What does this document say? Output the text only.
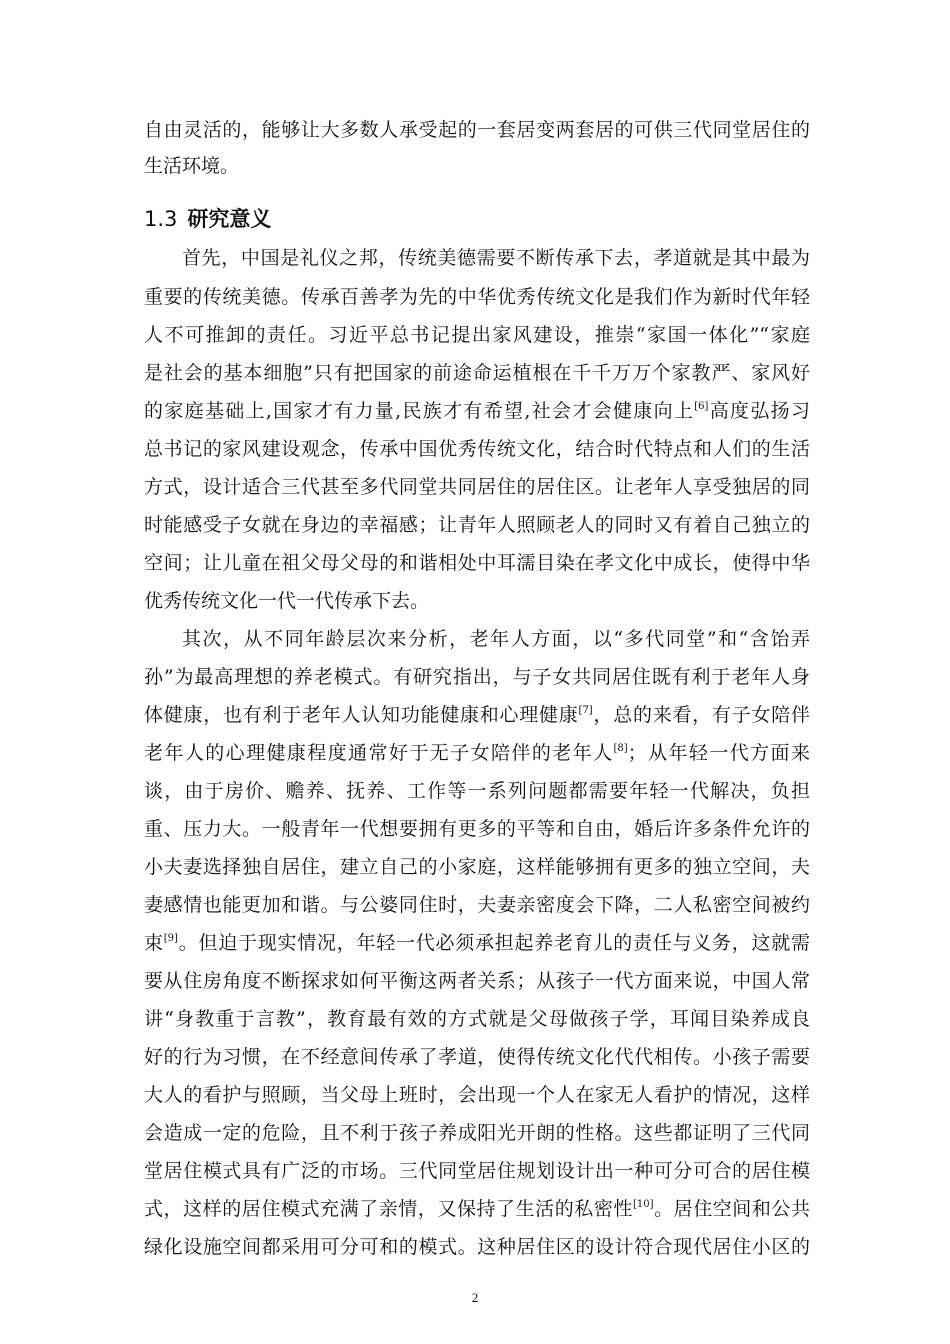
自由灵活的，能够让大多数人承受起的一套居变两套居的可供三代同堂居住的
生活环境。
1.3 研究意义
首先，中国是礼仪之邦，传统美德需要不断传承下去，孝道就是其中最为
重要的传统美德。传承百善孝为先的中华优秀传统文化是我们作为新时代年轻
人不可推卸的责任。习近平总书记提出家风建设，推崇“家国一体化”“家庭
是社会的基本细胞”只有把国家的前途命运植根在千千万万个家教严、家风好
的家庭基础上,国家才有力量,民族才有希望,社会才会健康向上[6]高度弘扬习
总书记的家风建设观念，传承中国优秀传统文化，结合时代特点和人们的生活
方式，设计适合三代甚至多代同堂共同居住的居住区。让老年人享受独居的同
时能感受子女就在身边的幸福感；让青年人照顾老人的同时又有着自己独立的
空间；让儿童在祖父母父母的和谐相处中耳濡目染在孝文化中成长，使得中华
优秀传统文化一代一代传承下去。
其次，从不同年龄层次来分析，老年人方面，以“多代同堂”和“含饴弄
孙”为最高理想的养老模式。有研究指出，与子女共同居住既有利于老年人身
体健康，也有利于老年人认知功能健康和心理健康[7]，总的来看，有子女陪伴
老年人的心理健康程度通常好于无子女陪伴的老年人[8]；从年轻一代方面来
谈，由于房价、赡养、抚养、工作等一系列问题都需要年轻一代解决，负担
重、压力大。一般青年一代想要拥有更多的平等和自由，婚后许多条件允许的
小夫妻选择独自居住，建立自己的小家庭，这样能够拥有更多的独立空间，夫
妻感情也能更加和谐。与公婆同住时，夫妻亲密度会下降，二人私密空间被约
束[9]。但迫于现实情况，年轻一代必须承担起养老育儿的责任与义务，这就需
要从住房角度不断探求如何平衡这两者关系；从孩子一代方面来说，中国人常
讲“身教重于言教”，教育最有效的方式就是父母做孩子学，耳闻目染养成良
好的行为习惯，在不经意间传承了孝道，使得传统文化代代相传。小孩子需要
大人的看护与照顾，当父母上班时，会出现一个人在家无人看护的情况，这样
会造成一定的危险，且不利于孩子养成阳光开朗的性格。这些都证明了三代同
堂居住模式具有广泛的市场。三代同堂居住规划设计出一种可分可合的居住模
式，这样的居住模式充满了亲情，又保持了生活的私密性[10]。居住空间和公共
绿化设施空间都采用可分可和的模式。这种居住区的设计符合现代居住小区的
2
